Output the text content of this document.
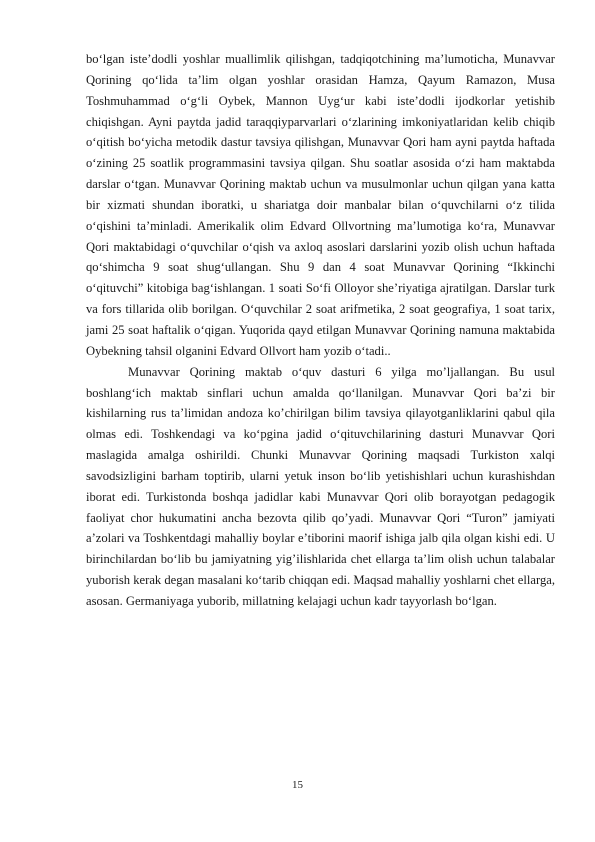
bo‘lgan iste’dodli yoshlar muallimlik qilishgan, tadqiqotchining ma’lumoticha, Munavvar Qorining qo‘lida ta’lim olgan yoshlar orasidan Hamza, Qayum Ramazon, Musa Toshmuhammad o‘g‘li Oybek, Mannon Uyg‘ur kabi iste’dodli ijodkorlar yetishib chiqishgan. Ayni paytda jadid taraqqiyparvarlari o‘zlarining imkoniyatlaridan kelib chiqib o‘qitish bo‘yicha metodik dastur tavsiya qilishgan, Munavvar Qori ham ayni paytda haftada o‘zining 25 soatlik programmasini tavsiya qilgan. Shu soatlar asosida o‘zi ham maktabda darslar o‘tgan. Munavvar Qorining maktab uchun va musulmonlar uchun qilgan yana katta bir xizmati shundan iboratki, u shariatga doir manbalar bilan o‘quvchilarni o‘z tilida o‘qishini ta’minladi. Amerikalik olim Edvard Ollvortning ma’lumotiga ko‘ra, Munavvar Qori maktabidagi o‘quvchilar o‘qish va axloq asoslari darslarini yozib olish uchun haftada qo‘shimcha 9 soat shug‘ullangan. Shu 9 dan 4 soat Munavvar Qorining “Ikkinchi o‘qituvchi” kitobiga bag‘ishlangan. 1 soati So‘fi Olloyor she’riyatiga ajratilgan. Darslar turk va fors tillarida olib borilgan. O‘quvchilar 2 soat arifmetika, 2 soat geografiya, 1 soat tarix, jami 25 soat haftalik o‘qigan. Yuqorida qayd etilgan Munavvar Qorining namuna maktabida Oybekning tahsil olganini Edvard Ollvort ham yozib o‘tadi..

Munavvar Qorining maktab o‘quv dasturi 6 yilga mo’ljallangan. Bu usul boshlang‘ich maktab sinflari uchun amalda qo‘llanilgan. Munavvar Qori ba’zi bir kishilarning rus ta’limidan andoza ko’chirilgan bilim tavsiya qilayotganliklarini qabul qila olmas edi. Toshkendagi va ko‘pgina jadid o‘qituvchilarining dasturi Munavvar Qori maslagida amalga oshirildi. Chunki Munavvar Qorining maqsadi Turkiston xalqi savodsizligini barham toptirib, ularni yetuk inson bo‘lib yetishishlari uchun kurashishdan iborat edi. Turkistonda boshqa jadidlar kabi Munavvar Qori olib borayotgan pedagogik faoliyat chor hukumatini ancha bezovta qilib qo’yadi. Munavvar Qori “Turon” jamiyati a’zolari va Toshkentdagi mahalliy boylar e’tiborini maorif ishiga jalb qila olgan kishi edi. U birinchilardan bo‘lib bu jamiyatning yig’ilishlarida chet ellarga ta’lim olish uchun talabalar yuborish kerak degan masalani ko‘tarib chiqqan edi. Maqsad mahalliy yoshlarni chet ellarga, asosan. Germaniyaga yuborib, millatning kelajagi uchun kadr tayyorlash bo‘lgan.

15
